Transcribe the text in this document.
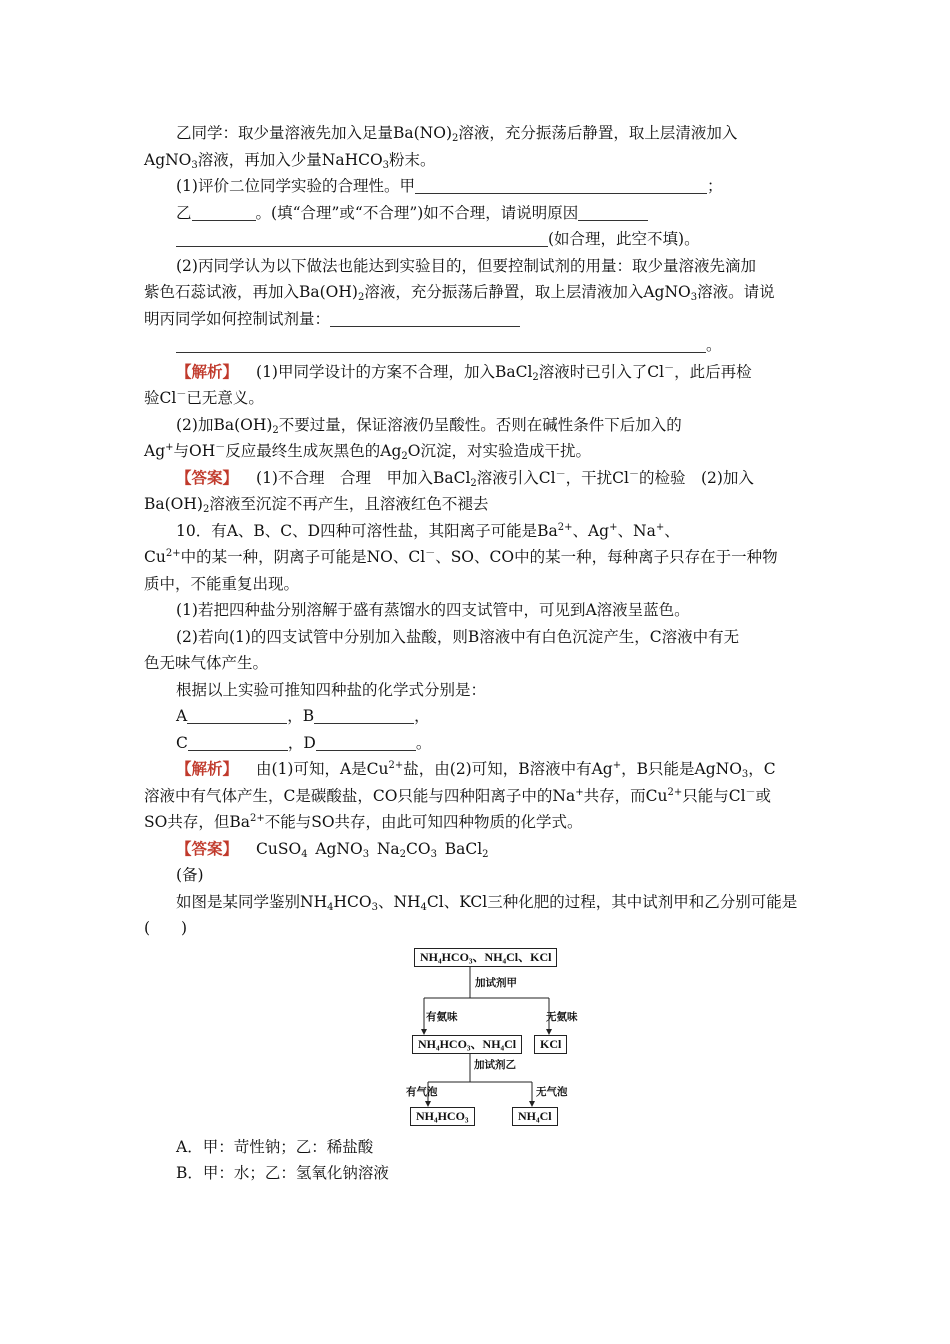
乙同学：取少量溶液先加入足量$Ba(NO)_2$溶液，充分振荡后静置，取上层清液加入
AgNO$_3$溶液，再加入少量NaHCO$_3$粉末。
(1)评价二位同学实验的合理性。甲	；
乙	。(填“合理”或“不合理”)如不合理，请说明原因
(如合理，此空不填)。
(2)丙同学认为以下做法也能达到实验目的，但要控制试剂的用量：取少量溶液先滴加
紫色石蕊试液，再加入$Ba(OH)_2$溶液，充分振荡后静置，取上层清液加入AgNO$_3$溶液。请说
明丙同学如何控制试剂量：
。
【解析】 (1)甲同学设计的方案不合理，加入BaCl$_2$溶液时已引入了Cl－，此后再检
验Cl－已无意义。
(2)加$Ba(OH)_2$不要过量，保证溶液仍呈酸性。否则在碱性条件下后加入的
Ag+与OH－反应最终生成灰黑色的$Ag_2O$沉淀，对实验造成干扰。
【答案】 (1)不合理　合理　甲加入BaCl$_2$溶液引入Cl－，干扰Cl－的检验　(2)加入
$Ba(OH)_2$溶液至沉淀不再产生，且溶液红色不褪去
10．有A、B、C、D四种可溶性盐，其阳离子可能是$Ba^{2+}$、Ag+、Na+、
$Cu^{2+}$中的某一种，阴离子可能是NO、Cl－、SO、CO中的某一种，每种离子只存在于一种物
质中，不能重复出现。
(1)若把四种盐分别溶解于盛有蒸馏水的四支试管中，可见到A溶液呈蓝色。
(2)若向(1)的四支试管中分别加入盐酸，则B溶液中有白色沉淀产生，C溶液中有无
色无味气体产生。
根据以上实验可推知四种盐的化学式分别是：
A	，B	，
C	，D	。
【解析】 由(1)可知，A是$Cu^{2+}$盐，由(2)可知，B溶液中有Ag+，B只能是AgNO$_3$，C
溶液中有气体产生，C是碳酸盐，CO只能与四种阳离子中的Na+共存，而$Cu^{2+}$只能与Cl－或
SO共存，但$Ba^{2+}$不能与SO共存，由此可知四种物质的化学式。
【答案】 CuSO$_4$  AgNO$_3$  $Na_2CO_3$  BaCl$_2$
(备)
如图是某同学鉴别$NH_4HCO_3$、$NH_4Cl$、KCl三种化肥的过程，其中试剂甲和乙分别可能是
(　　)
NH₄HCO₃、NH₄Cl、KCl
加试剂甲
有氨味	无氨味
NH₄HCO₃、NH₄Cl	KCl
加试剂乙
有气泡	无气泡
NH₄HCO₃	NH₄Cl
A．甲：苛性钠；乙：稀盐酸
B．甲：水；乙：氢氧化钠溶液
